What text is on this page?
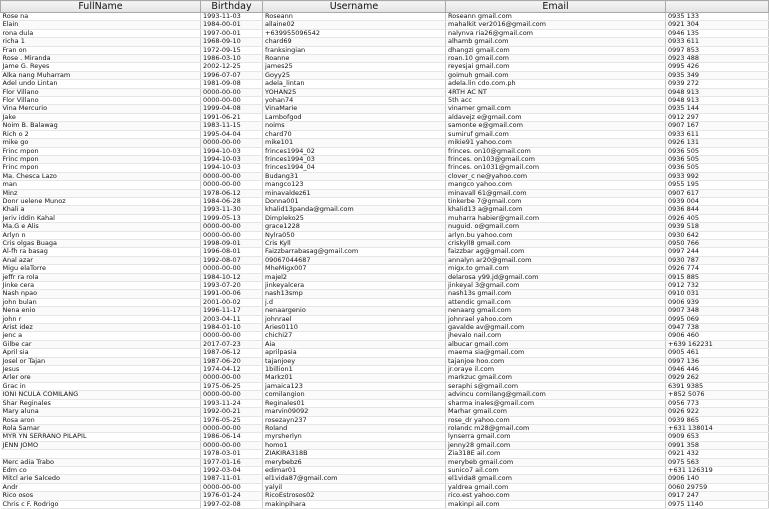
FullName	Birthday	Username	Email	
Rose na	1993-11-03	Roseann	Roseann gmail.com	0935 133
Elain	1984-00-01	allaine02	mahalkit ver2016@gmail.com	0921 304
rona dula	1997-00-01	+639955096542	nalynva ria26@gmail.com	0946 135
richa 1	1968-09-10	chard69	alhamb gmail.com	0933 611
Fran on	1972-09-15	franksingian	dhangzi gmail.com	0997 853
Rose . Miranda	1986-03-10	Roanne	roan.10 gmail.com	0923 488
Jame G. Reyes	2002-12-25	james25	reyesjai gmail.com	0995 426
Alka nang Muharram	1996-07-07	Goyy25	goimuh gmail.com	0935 349
Adel undo Lintan	1981-09-08	adela_lintan	adela.lin cdo.com.ph	0939 272
Flor Villano	0000-00-00	YOHAN25	4RTH AC NT	0948 913
Flor Villano	0000-00-00	yohan74	5th acc	0948 913
Vina Mercurio	1999-04-08	VinaMarie	vinamer gmail.com	0935 144
Jake	1991-06-21	Lambofgod	aldavejz e@gmail.com	0912 297
Noim B. Balawag	1983-11-15	noims	samonte e@gmail.com	0907 167
Rich o 2	1995-04-04	chard70	sumiruf gmail.com	0933 611
mike go	0000-00-00	mike101	mikie91 yahoo.com	0926 131
Frinc mpon	1994-10-03	frinces1994_02	frinces. on10@gmail.com	0936 505
Frinc mpon	1994-10-03	frinces1994_03	frinces. on103@gmail.com	0936 505
Frinc mpon	1994-10-03	frinces1994_04	frinces. on1031@gmail.com	0936 505
Ma. Chesca Lazo	0000-00-00	Budang31	clover_c ne@yahoo.com	0933 992
man	0000-00-00	mangco123	mangco yahoo.com	0955 195
Minz	1978-06-12	minavaldez61	minavall 61@gmail.com	0907 617
Donr uelene Munoz	1984-06-28	Donna001	tinkerbe 7@gmail.com	0939 004
Khali a	1993-11-30	khalid13panda@gmail.com	khalid13 a@gmail.com	0936 844
Jeriv iddin Kahal	1999-05-13	Dimpleko25	muharra habier@gmail.com	0926 405
Ma.G e Alis	0000-00-00	grace1228	nuguid. o@gmail.com	0939 518
Arlyn n	0000-00-00	Nylra050	arlyn.bu yahoo.com	0930 642
Cris olgas Buaga	1998-09-01	Cris Kyll	criskyll8 gmail.com	0950 766
Al-fh ra basag	1996-08-01	Faizzbarrabasag@gmail.com	faizzbar ag@gmail.com	0997 244
Anal azar	1992-08-07	09067044687	annalyn ar20@gmail.com	0930 787
Migu elaTorre	0000-00-00	MheMigx007	migx.to gmail.com	0926 774
jeffr ra rola	1984-10-12	majel2	delarosa y99.jd@gmail.com	0915 885
Jinke cera	1993-07-20	jinkeyalcera	jinkeyal 3@gmail.com	0912 732
Nash npao	1991-00-06	nash13smp	nash13s gmail.com	0910 031
john bulan	2001-00-02	j.d	attendic gmail.com	0906 939
Nena enio	1996-11-17	nenaargenio	nenaarg gmail.com	0907 348
john r	2003-04-11	johnrael	johnrael yahoo.com	0995 069
Arist idez	1984-01-10	Aries0110	gavalde av@gmail.com	0947 738
jenc a	0000-00-00	chichi27	jhevalo nail.com	0906 460
Gilbe car	2017-07-23	Aia	albucar gmail.com	+639 162231
April sia	1987-06-12	aprilpasia	maema sia@gmail.com	0905 461
Josel or Tajan	1987-06-20	tajanjoey	tajanjoe hoo.com	0997 136
Jesus	1974-04-12	1billion1	jr.oraye il.com	0946 446
Arler ore	0000-00-00	Markz01	markzuc gmail.com	0929 262
Grac in	1975-06-25	jamaica123	seraphi s@gmail.com	6391 9385
IONI NCULA COMILANG	0000-00-00	comilangion	advincu comilang@gmail.com	+852 5076
Shar Reginales	1993-11-24	Reginales01	sharma inales@gmail.com	0956 773
Mary aluna	1992-00-21	marvin09092	Marhar gmail.com	0926 922
Rosa aron	1976-05-25	rosezayn237	rose_dr yahoo.com	0939 865
Rola Samar	0000-00-00	Roland	rolandc m28@gmail.com	+631 138014
MYR YN SERRANO PILAPIL	1986-06-14	myrsherlyn	lynserra gmail.com	0909 653
JENN JOMO	0000-00-00	homo1	jenny28 gmail.com	0991 358
	1978-03-01	ZIAKIRA318B	Zia318E ail.com	0921 432
Merc adia Trabo	1977-01-16	merybebz6	merybeb gmail.com	0975 563
Edm co	1992-03-04	edimar01	sunico7 ail.com	+631 126319
Mitcl arie Salcedo	1987-11-01	el1vida87@gmail.com	el1vida8 gmail.com	0906 140
Andr	0000-00-00	yalyil	yaldrea gmail.com	0060 29759
Rico osos	1976-01-24	RicoEstrosos02	rico.est yahoo.com	0917 247
Chris c F. Rodrigo	1997-02-08	makinpihara	makinpi ail.com	0975 1140
